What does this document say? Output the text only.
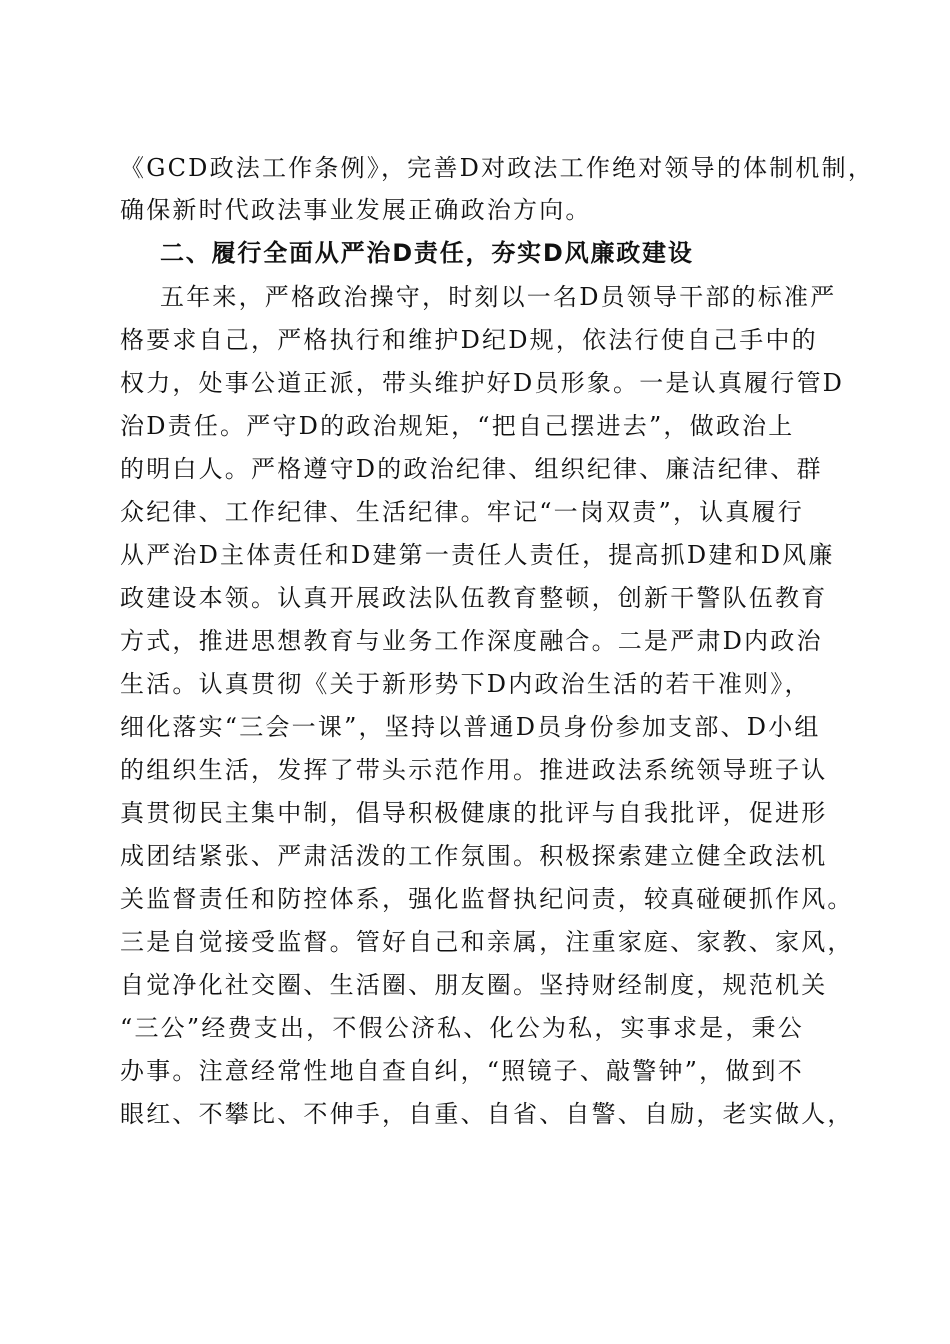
《GCD政法工作条例》，完善D对政法工作绝对领导的体制机制，
确保新时代政法事业发展正确政治方向。
二、履行全面从严治D责任，夯实D风廉政建设
五年来，严格政治操守，时刻以一名D员领导干部的标准严
格要求自己，严格执行和维护D纪D规，依法行使自己手中的
权力，处事公道正派，带头维护好D员形象。一是认真履行管D
治D责任。严守D的政治规矩，“把自己摆进去”，做政治上
的明白人。严格遵守D的政治纪律、组织纪律、廉洁纪律、群
众纪律、工作纪律、生活纪律。牢记“一岗双责”，认真履行
从严治D主体责任和D建第一责任人责任，提高抓D建和D风廉
政建设本领。认真开展政法队伍教育整顿，创新干警队伍教育
方式，推进思想教育与业务工作深度融合。二是严肃D内政治
生活。认真贯彻《关于新形势下D内政治生活的若干准则》，
细化落实“三会一课”，坚持以普通D员身份参加支部、D小组
的组织生活，发挥了带头示范作用。推进政法系统领导班子认
真贯彻民主集中制，倡导积极健康的批评与自我批评，促进形
成团结紧张、严肃活泼的工作氛围。积极探索建立健全政法机
关监督责任和防控体系，强化监督执纪问责，较真碰硬抓作风。
三是自觉接受监督。管好自己和亲属，注重家庭、家教、家风，
自觉净化社交圈、生活圈、朋友圈。坚持财经制度，规范机关
“三公”经费支出，不假公济私、化公为私，实事求是，秉公
办事。注意经常性地自查自纠，“照镜子、敲警钟”，做到不
眼红、不攀比、不伸手，自重、自省、自警、自励，老实做人，
